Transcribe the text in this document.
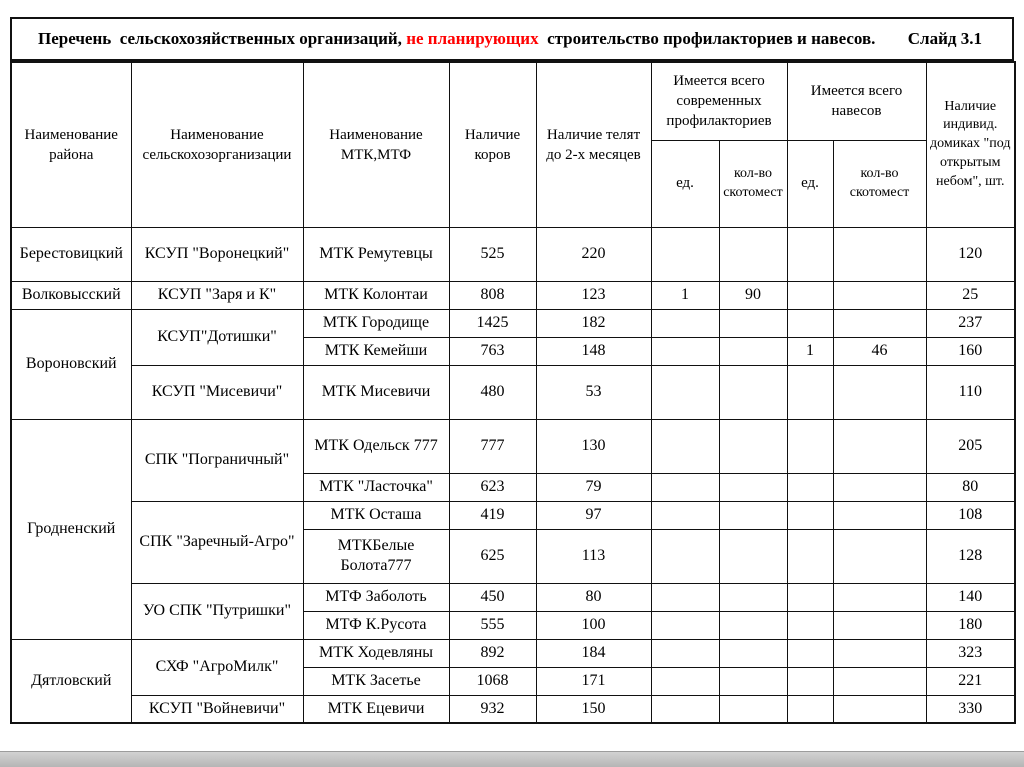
Перечень  сельскохозяйственных организаций, не планирующих  строительство профилакториев и навесов. Слайд 3.1
Наименование района	Наименование сельскохозорганизации	Наименование МТК,МТФ	Наличие коров	Наличие телят до 2-х месяцев	Имеется всего современных профилакториев		Имеется всего навесов		Наличие индивид. домиках "под открытым небом", шт.
					ед.	кол-во скотомест	ед.	кол-во скотомест	
Берестовицкий	КСУП "Воронецкий"	МТК Ремутевцы	525	220					120
Волковысский	КСУП "Заря и К"	МТК Колонтаи	808	123	1	90			25
Вороновский	КСУП"Дотишки"	МТК Городище	1425	182					237
		МТК Кемейши	763	148			1	46	160
	КСУП "Мисевичи"	МТК Мисевичи	480	53					110
Гродненский	СПК "Пограничный"	МТК Одельск 777	777	130					205
		МТК "Ласточка"	623	79					80
	СПК "Заречный-Агро"	МТК Осташа	419	97					108
		МТКБелые Болота777	625	113					128
	УО СПК "Путришки"	МТФ Заболоть	450	80					140
		МТФ К.Русота	555	100					180
Дятловский	СХФ "АгроМилк"	МТК Ходевляны	892	184					323
		МТК Засетье	1068	171					221
	КСУП "Войневичи"	МТК Ецевичи	932	150					330
